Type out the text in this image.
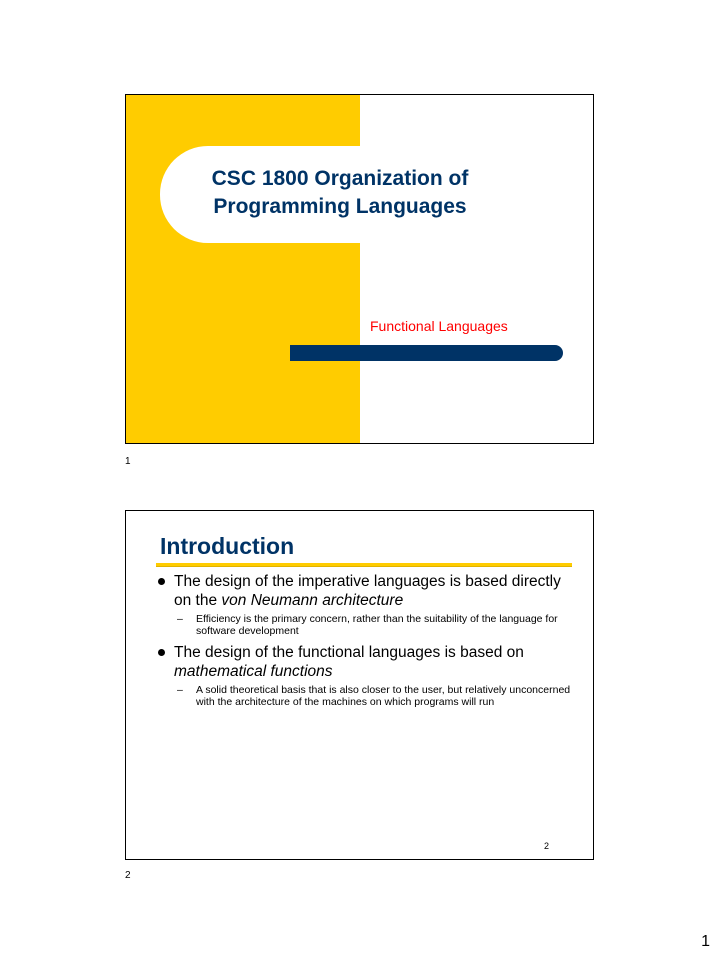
CSC 1800 Organization of
Programming Languages
Functional Languages
1
Introduction
The design of the imperative languages is based directly on the von Neumann architecture
– Efficiency is the primary concern, rather than the suitability of the language for software development
The design of the functional languages is based on mathematical functions
– A solid theoretical basis that is also closer to the user, but relatively unconcerned with the architecture of the machines on which programs will run
2
2
1
